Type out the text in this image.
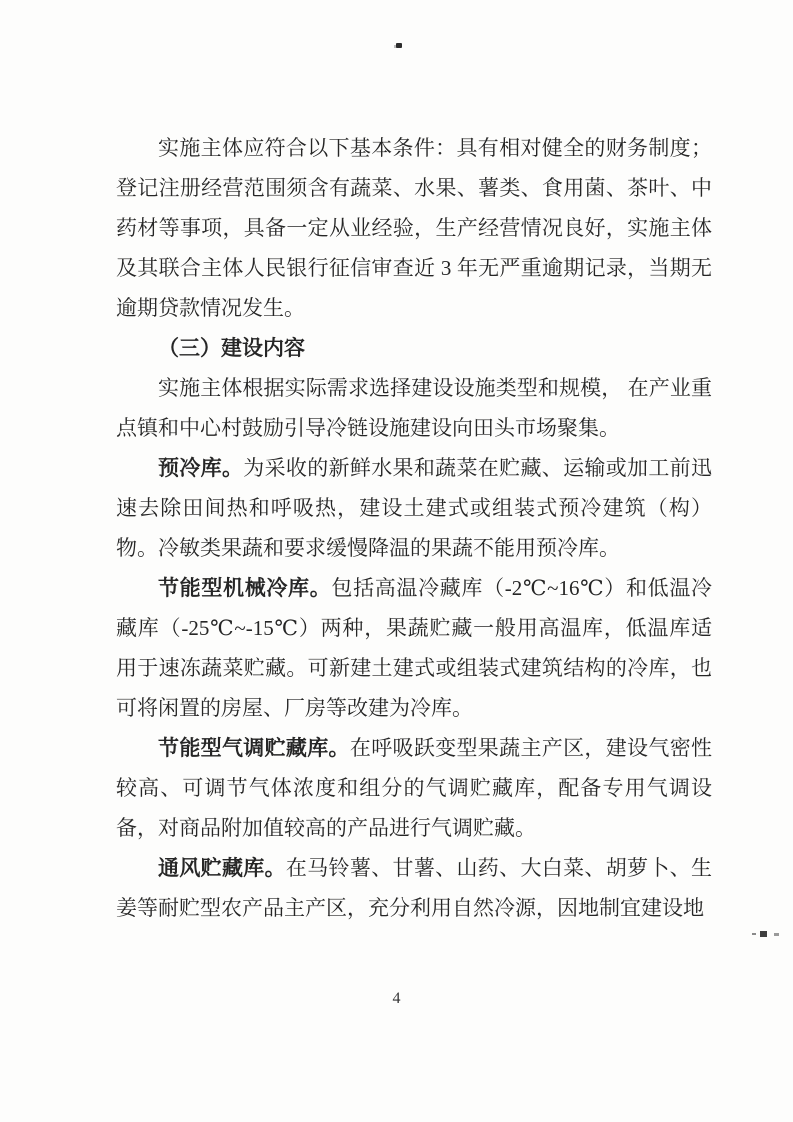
实施主体应符合以下基本条件：具有相对健全的财务制度；登记注册经营范围须含有蔬菜、水果、薯类、食用菌、茶叶、中药材等事项，具备一定从业经验，生产经营情况良好，实施主体及其联合主体人民银行征信审查近 3 年无严重逾期记录，当期无逾期贷款情况发生。

（三）建设内容

实施主体根据实际需求选择建设设施类型和规模， 在产业重点镇和中心村鼓励引导冷链设施建设向田头市场聚集。

预冷库。为采收的新鲜水果和蔬菜在贮藏、运输或加工前迅速去除田间热和呼吸热，建设土建式或组装式预冷建筑（构）物。冷敏类果蔬和要求缓慢降温的果蔬不能用预冷库。

节能型机械冷库。包括高温冷藏库（-2℃~16℃）和低温冷藏库（-25℃~-15℃）两种，果蔬贮藏一般用高温库，低温库适用于速冻蔬菜贮藏。可新建土建式或组装式建筑结构的冷库，也可将闲置的房屋、厂房等改建为冷库。

节能型气调贮藏库。在呼吸跃变型果蔬主产区，建设气密性较高、可调节气体浓度和组分的气调贮藏库，配备专用气调设备，对商品附加值较高的产品进行气调贮藏。

通风贮藏库。在马铃薯、甘薯、山药、大白菜、胡萝卜、生姜等耐贮型农产品主产区，充分利用自然冷源，因地制宜建设地

4
